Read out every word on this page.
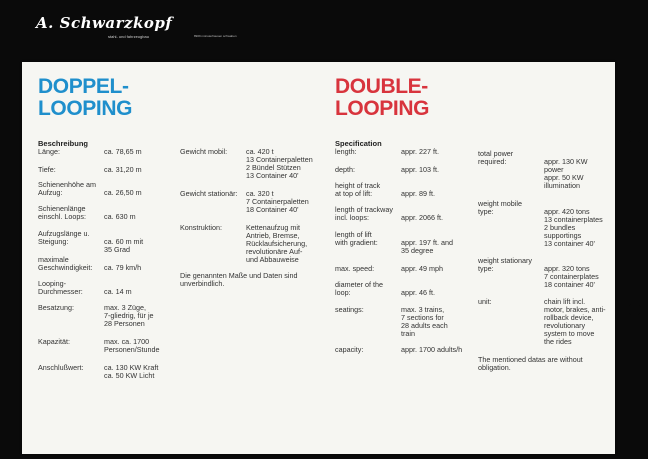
A. Schwarzkopf
stahl- und fahrzeugbau	8909 münsterhausen schwaben
DOPPEL-
LOOPING
DOUBLE-
LOOPING
Beschreibung	Specification
Länge:	ca. 78,65 m
Tiefe:	ca. 31,20 m
Schienenhöhe am
Aufzug:	ca. 26,50 m
Schienenlänge
einschl. Loops:	ca. 630 m
Aufzugslänge u.
Steigung:	ca. 60 m mit
35 Grad
maximale
Geschwindigkeit:	ca. 79 km/h
Looping-
Durchmesser:	ca. 14 m
Besatzung:	max. 3 Züge,
7-gliedrig, für je
28 Personen
Kapazität:	max. ca. 1700
Personen/Stunde
Anschlußwert:	ca. 130 KW Kraft
ca. 50 KW Licht
Gewicht mobil:	ca. 420 t
13 Containerpaletten
2 Bündel Stützen
13 Container 40'
Gewicht stationär:	ca. 320 t
7 Containerpaletten
18 Container 40'
Konstruktion:	Kettenaufzug mit
Antrieb, Bremse,
Rücklaufsicherung,
revolutionäre Auf-
und Abbauweise
Die genannten Maße und Daten sind
unverbindlich.
length:	appr. 227 ft.
depth:	appr. 103 ft.
height of track
at top of lift:	appr. 89 ft.
length of trackway
incl. loops:	appr. 2066 ft.
length of lift
with gradient:	appr. 197 ft. and
35 degree
max. speed:	appr. 49 mph
diameter of the
loop:	appr. 46 ft.
seatings:	max. 3 trains,
7 sections for
28 adults each
train
capacity:	appr. 1700 adults/h
total power
required:	
appr. 130 KW
power
appr. 50 KW
illumination
weight mobile
type:	
appr. 420 tons
13 containerplates
2 bundles
supportings
13 container 40'
weight stationary
type:	
appr. 320 tons
7 containerplates
18 container 40'
unit:	chain lift incl.
motor, brakes, anti-
rollback device,
revolutionary
system to move
the rides
The mentioned datas are without
obligation.
